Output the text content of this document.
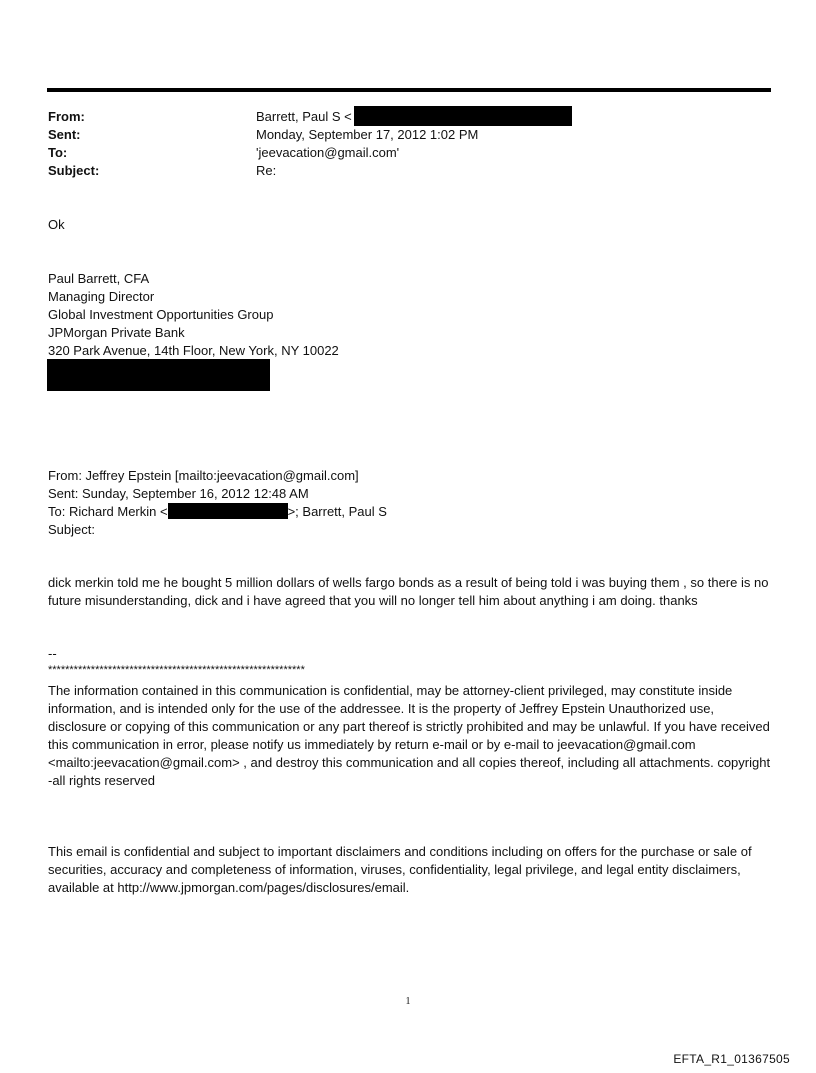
From:	Barrett, Paul S <
Sent:	Monday, September 17, 2012 1:02 PM
To:	'jeevacation@gmail.com'
Subject:	Re:
Ok
Paul Barrett, CFA
Managing Director
Global Investment Opportunities Group
JPMorgan Private Bank
320 Park Avenue, 14th Floor, New York, NY 10022
From: Jeffrey Epstein [mailto:jeevacation@gmail.com]
Sent: Sunday, September 16, 2012 12:48 AM
To: Richard Merkin <	>; Barrett, Paul S
Subject:
dick merkin told me he bought 5 million dollars of wells fargo bonds as a result of being told i was buying them , so there is no future misunderstanding, dick and i have agreed that you will no longer tell him about anything i am doing. thanks
--
************************************************************
The information contained in this communication is confidential, may be attorney-client privileged, may constitute inside information, and is intended only for the use of the addressee. It is the property of Jeffrey Epstein Unauthorized use, disclosure or copying of this communication or any part thereof is strictly prohibited and may be unlawful. If you have received this communication in error, please notify us immediately by return e-mail or by e-mail to jeevacation@gmail.com <mailto:jeevacation@gmail.com> , and destroy this communication and all copies thereof, including all attachments. copyright -all rights reserved
This email is confidential and subject to important disclaimers and conditions including on offers for the purchase or sale of securities, accuracy and completeness of information, viruses, confidentiality, legal privilege, and legal entity disclaimers, available at http://www.jpmorgan.com/pages/disclosures/email.
1
EFTA_R1_01367505
